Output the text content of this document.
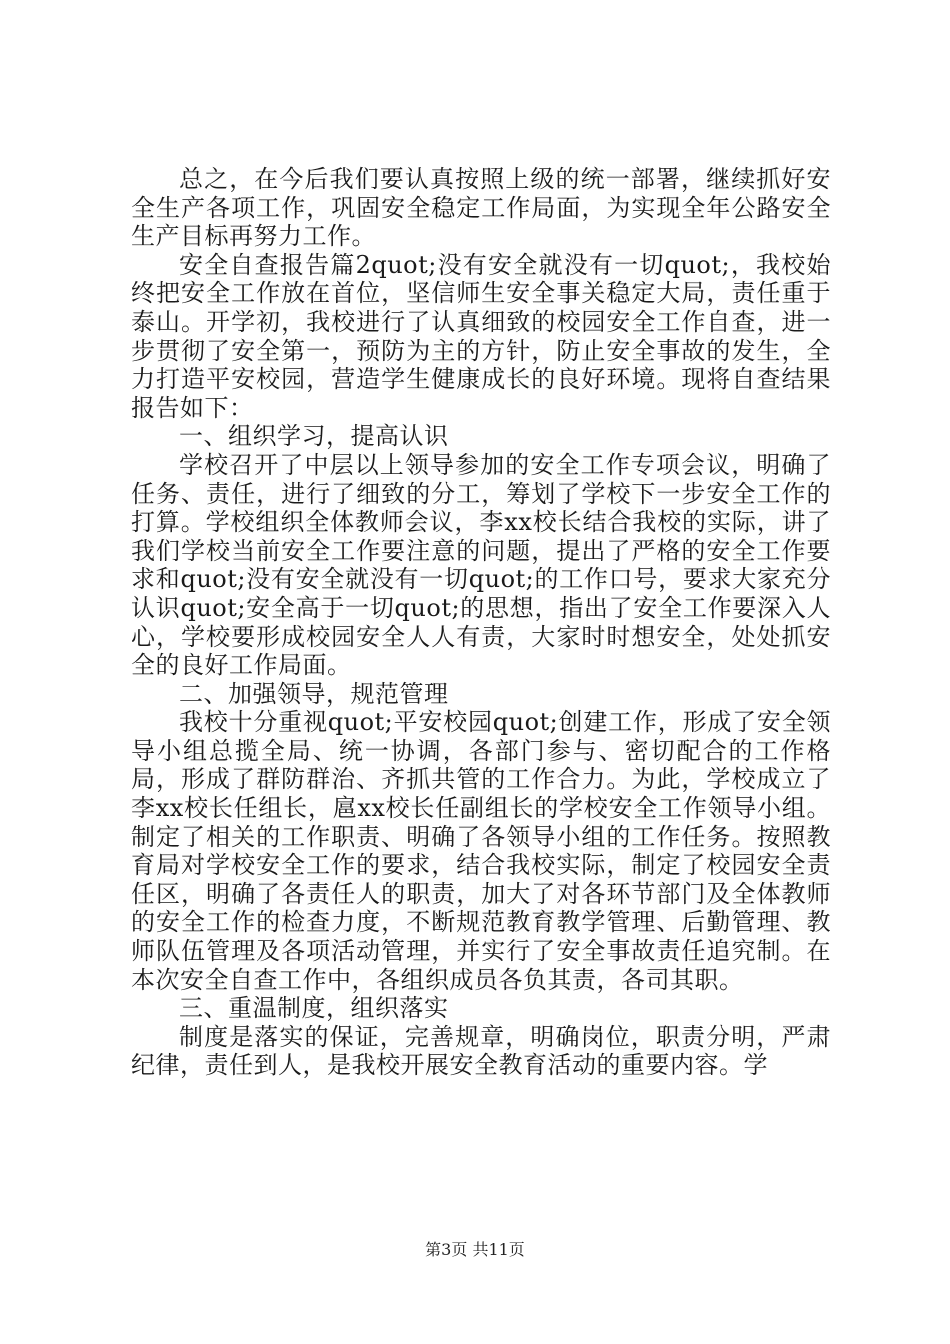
总之，在今后我们要认真按照上级的统一部署，继续抓好安全生产各项工作，巩固安全稳定工作局面，为实现全年公路安全生产目标再努力工作。

安全自查报告篇2quot;没有安全就没有一切quot;，我校始终把安全工作放在首位，坚信师生安全事关稳定大局，责任重于泰山。开学初，我校进行了认真细致的校园安全工作自查，进一步贯彻了安全第一，预防为主的方针，防止安全事故的发生，全力打造平安校园，营造学生健康成长的良好环境。现将自查结果报告如下：

一、组织学习，提高认识

学校召开了中层以上领导参加的安全工作专项会议，明确了任务、责任，进行了细致的分工，筹划了学校下一步安全工作的打算。学校组织全体教师会议，李xx校长结合我校的实际，讲了我们学校当前安全工作要注意的问题，提出了严格的安全工作要求和quot;没有安全就没有一切quot;的工作口号，要求大家充分认识quot;安全高于一切quot;的思想，指出了安全工作要深入人心，学校要形成校园安全人人有责，大家时时想安全，处处抓安全的良好工作局面。

二、加强领导，规范管理

我校十分重视quot;平安校园quot;创建工作，形成了安全领导小组总揽全局、统一协调，各部门参与、密切配合的工作格局，形成了群防群治、齐抓共管的工作合力。为此，学校成立了李xx校长任组长，扈xx校长任副组长的学校安全工作领导小组。制定了相关的工作职责、明确了各领导小组的工作任务。按照教育局对学校安全工作的要求，结合我校实际，制定了校园安全责任区，明确了各责任人的职责，加大了对各环节部门及全体教师的安全工作的检查力度，不断规范教育教学管理、后勤管理、教师队伍管理及各项活动管理，并实行了安全事故责任追究制。在本次安全自查工作中，各组织成员各负其责，各司其职。

三、重温制度，组织落实

制度是落实的保证，完善规章，明确岗位，职责分明，严肃纪律，责任到人，是我校开展安全教育活动的重要内容。学

第3页 共11页
